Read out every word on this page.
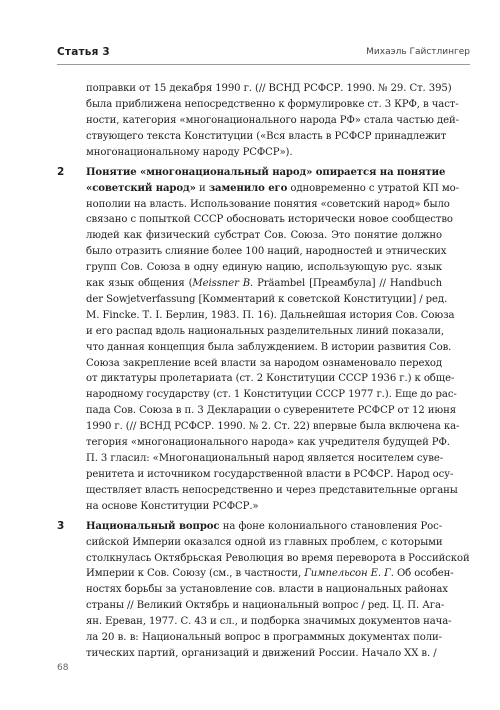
Статья 3	Михаэль Гайстлингер
поправки от 15 декабря 1990 г. (// ВСНД РСФСР. 1990. № 29. Ст. 395)
была приближена непосредственно к формулировке ст. 3 КРФ, в част-
ности, категория «многонационального народа РФ» стала частью дей-
ствующего текста Конституции («Вся власть в РСФСР принадлежит
многонациональному народу РСФСР»).
2 Понятие «многонациональный народ» опирается на понятие
«советский народ» и заменило его одновременно с утратой КП мо-
нополии на власть. Использование понятия «советский народ» было
связано с попыткой СССР обосновать исторически новое сообщество
людей как физический субстрат Сов. Союза. Это понятие должно
было отразить слияние более 100 наций, народностей и этнических
групп Сов. Союза в одну единую нацию, использующую рус. язык
как язык общения (Meissner B. Präambel [Преамбула] // Handbuch
der Sowjetverfassung [Комментарий к советской Конституции] / ред.
M. Fincke. Т. I. Берлин, 1983. П. 16). Дальнейшая история Сов. Союза
и его распад вдоль национальных разделительных линий показали,
что данная концепция была заблуждением. В истории развития Сов.
Союза закрепление всей власти за народом ознаменовало переход
от диктатуры пролетариата (ст. 2 Конституции СССР 1936 г.) к обще-
народному государству (ст. 1 Конституции СССР 1977 г.). Еще до рас-
пада Сов. Союза в п. 3 Декларации о суверенитете РСФСР от 12 июня
1990 г. (// ВСНД РСФСР. 1990. № 2. Ст. 22) впервые была включена ка-
тегория «многонационального народа» как учредителя будущей РФ.
П. 3 гласил: «Многонациональный народ является носителем сувe-
ренитета и источником государственной власти в РСФСР. Народ осу-
ществляет власть непосредственно и через представительные органы
на основе Конституции РСФСР.»
3 Национальный вопрос на фоне колониального становления Рос-
сийской Империи оказался одной из главных проблем, с которыми
столкнулась Октябрьская Революция во время переворота в Российской
Империи к Сов. Союзу (см., в частности, Гимпельсон Е. Г. Об особен-
ностях борьбы за установление сов. власти в национальных районах
страны // Великий Октябрь и национальный вопрос / ред. Ц. П. Ага-
ян. Ереван, 1977. С. 43 и сл., и подборка значимых документов нача-
ла 20 в. в: Национальный вопрос в программных документах поли-
тических партий, организаций и движений России. Начало XX в. /
68
